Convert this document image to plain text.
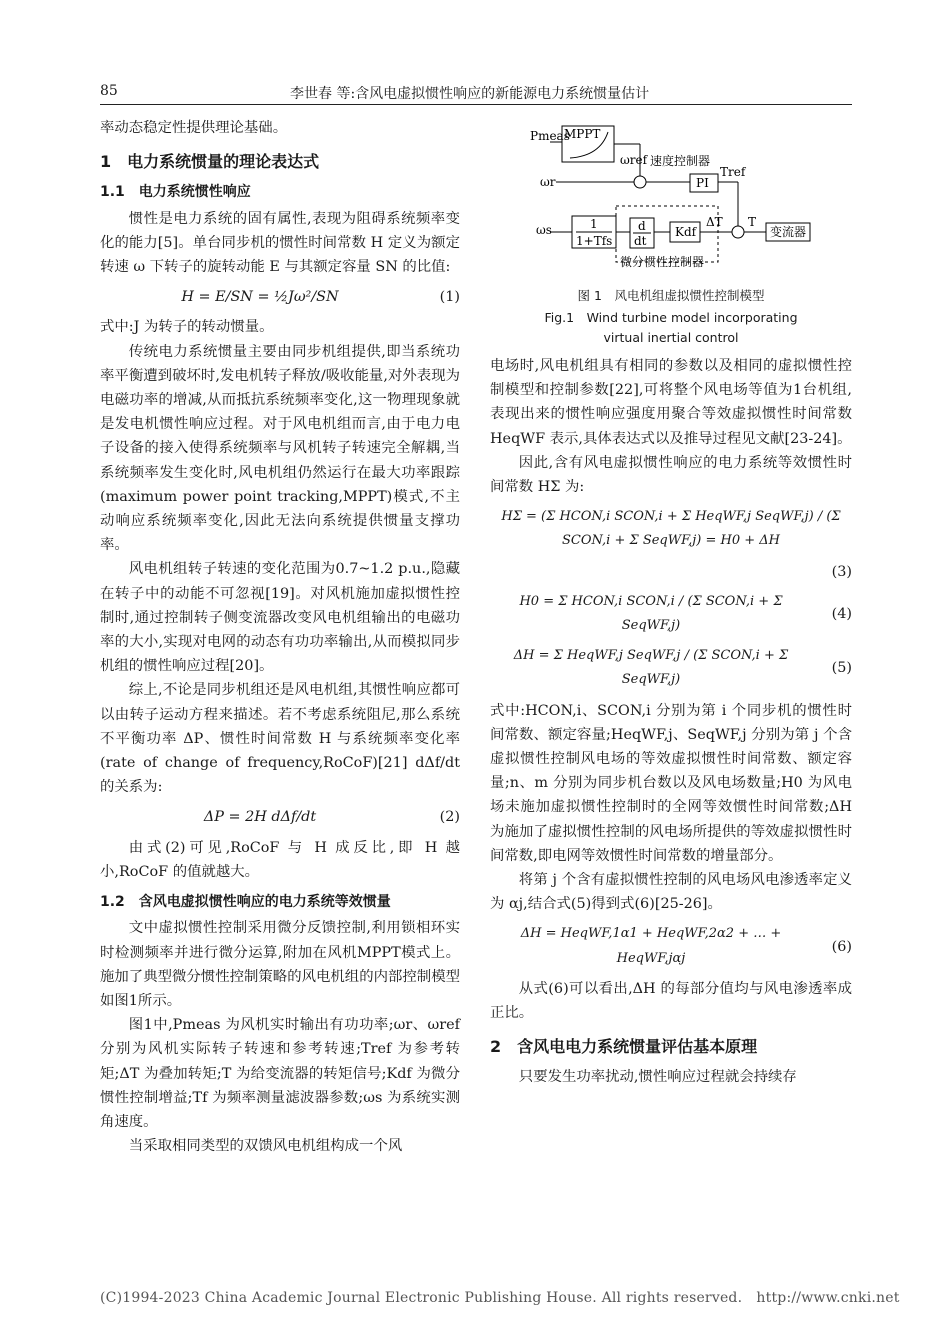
85	李世春 等:含风电虚拟惯性响应的新能源电力系统惯量估计

率动态稳定性提供理论基础。

1　电力系统惯量的理论表达式
1.1　电力系统惯性响应

惯性是电力系统的固有属性,表现为阻碍系统频率变化的能力[5]。单台同步机的惯性时间常数 H 定义为额定转速 ω 下转子的旋转动能 E 与其额定容量 SN 的比值:

H = E/SN = ½Jω²/SN	(1)

式中:J 为转子的转动惯量。

传统电力系统惯量主要由同步机组提供,即当系统功率平衡遭到破坏时,发电机转子释放/吸收能量,对外表现为电磁功率的增减,从而抵抗系统频率变化,这一物理现象就是发电机惯性响应过程。对于风电机组而言,由于电力电子设备的接入使得系统频率与风机转子转速完全解耦,当系统频率发生变化时,风电机组仍然运行在最大功率跟踪(maximum power point tracking,MPPT)模式,不主动响应系统频率变化,因此无法向系统提供惯量支撑功率。

风电机组转子转速的变化范围为0.7~1.2 p.u.,隐藏在转子中的动能不可忽视[19]。对风机施加虚拟惯性控制时,通过控制转子侧变流器改变风电机组输出的电磁功率的大小,实现对电网的动态有功功率输出,从而模拟同步机组的惯性响应过程[20]。

综上,不论是同步机组还是风电机组,其惯性响应都可以由转子运动方程来描述。若不考虑系统阻尼,那么系统不平衡功率 ΔP、惯性时间常数 H 与系统频率变化率(rate of change of frequency,RoCoF)[21] dΔf/dt 的关系为:

ΔP = 2H dΔf/dt	(2)

由式(2)可见,RoCoF 与 H 成反比,即 H 越小,RoCoF 的值就越大。

1.2　含风电虚拟惯性响应的电力系统等效惯量

文中虚拟惯性控制采用微分反馈控制,利用锁相环实时检测频率并进行微分运算,附加在风机MPPT模式上。施加了典型微分惯性控制策略的风电机组的内部控制模型如图1所示。

图1中,Pmeas 为风机实时输出有功功率;ωr、ωref 分别为风机实际转子转速和参考转速;Tref 为参考转矩;ΔT 为叠加转矩;T 为给变流器的转矩信号;Kdf 为微分惯性控制增益;Tf 为频率测量滤波器参数;ωs 为系统实测角速度。

当采取相同类型的双馈风电机组构成一个风

MPPT
Pmeas
ωref
ωr
速度控制器
PI
Tref
ωs	1
1+Tfs
d
dt
Kdf
ΔT T
变流器
微分惯性控制器
图 1　风电机组虚拟惯性控制模型
Fig.1　Wind turbine model incorporating
virtual inertial control

电场时,风电机组具有相同的参数以及相同的虚拟惯性控制模型和控制参数[22],可将整个风电场等值为1台机组,表现出来的惯性响应强度用聚合等效虚拟惯性时间常数 HeqWF 表示,具体表达式以及推导过程见文献[23-24]。

因此,含有风电虚拟惯性响应的电力系统等效惯性时间常数 HΣ 为:

HΣ = (Σ HCON,i SCON,i + Σ HeqWF,j SeqWF,j) / (Σ SCON,i + Σ SeqWF,j) = H0 + ΔH
(3)
H0 = Σ HCON,i SCON,i / (Σ SCON,i + Σ SeqWF,j)
(4)
ΔH = Σ HeqWF,j SeqWF,j / (Σ SCON,i + Σ SeqWF,j)
(5)

式中:HCON,i、SCON,i 分别为第 i 个同步机的惯性时间常数、额定容量;HeqWF,j、SeqWF,j 分别为第 j 个含虚拟惯性控制风电场的等效虚拟惯性时间常数、额定容量;n、m 分别为同步机台数以及风电场数量;H0 为风电场未施加虚拟惯性控制时的全网等效惯性时间常数;ΔH 为施加了虚拟惯性控制的风电场所提供的等效虚拟惯性时间常数,即电网等效惯性时间常数的增量部分。

将第 j 个含有虚拟惯性控制的风电场风电渗透率定义为 αj,结合式(5)得到式(6)[25-26]。

ΔH = HeqWF,1α1 + HeqWF,2α2 + … + HeqWF,jαj
(6)

从式(6)可以看出,ΔH 的每部分值均与风电渗透率成正比。

2　含风电电力系统惯量评估基本原理

只要发生功率扰动,惯性响应过程就会持续存

(C)1994-2023 China Academic Journal Electronic Publishing House. All rights reserved.　http://www.cnki.net
